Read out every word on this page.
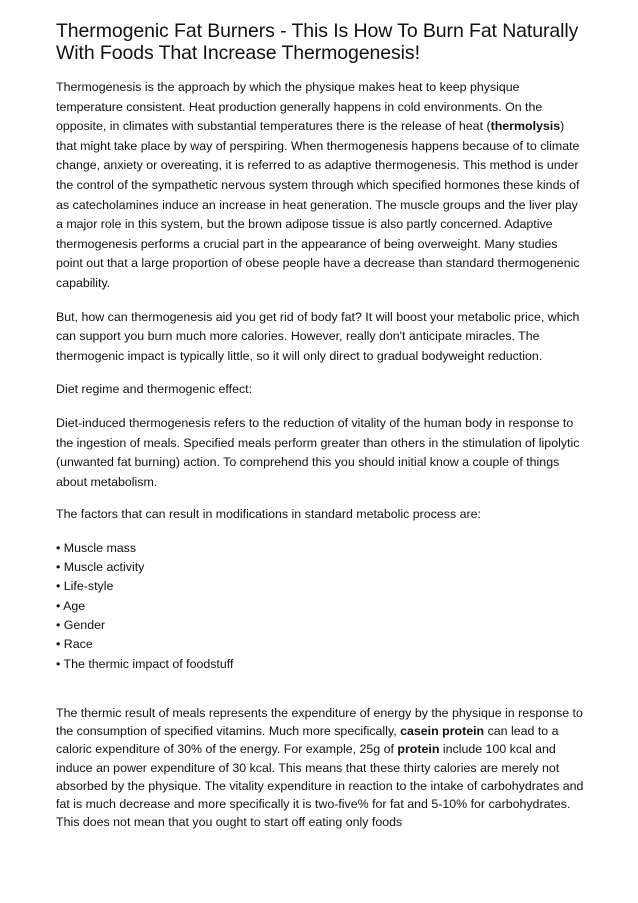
Thermogenic Fat Burners - This Is How To Burn Fat Naturally With Foods That Increase Thermogenesis!

Thermogenesis is the approach by which the physique makes heat to keep physique temperature consistent. Heat production generally happens in cold environments. On the opposite, in climates with substantial temperatures there is the release of heat (thermolysis) that might take place by way of perspiring. When thermogenesis happens because of to climate change, anxiety or overeating, it is referred to as adaptive thermogenesis. This method is under the control of the sympathetic nervous system through which specified hormones these kinds of as catecholamines induce an increase in heat generation. The muscle groups and the liver play a major role in this system, but the brown adipose tissue is also partly concerned. Adaptive thermogenesis performs a crucial part in the appearance of being overweight. Many studies point out that a large proportion of obese people have a decrease than standard thermogenenic capability.

But, how can thermogenesis aid you get rid of body fat? It will boost your metabolic price, which can support you burn much more calories. However, really don't anticipate miracles. The thermogenic impact is typically little, so it will only direct to gradual bodyweight reduction.

Diet regime and thermogenic effect:

Diet-induced thermogenesis refers to the reduction of vitality of the human body in response to the ingestion of meals. Specified meals perform greater than others in the stimulation of lipolytic (unwanted fat burning) action. To comprehend this you should initial know a couple of things about metabolism.

The factors that can result in modifications in standard metabolic process are:

• Muscle mass
• Muscle activity
• Life-style
• Age
• Gender
• Race
• The thermic impact of foodstuff

The thermic result of meals represents the expenditure of energy by the physique in response to the consumption of specified vitamins. Much more specifically, casein protein can lead to a caloric expenditure of 30% of the energy. For example, 25g of protein include 100 kcal and induce an power expenditure of 30 kcal. This means that these thirty calories are merely not absorbed by the physique. The vitality expenditure in reaction to the intake of carbohydrates and fat is much decrease and more specifically it is two-five% for fat and 5-10% for carbohydrates. This does not mean that you ought to start off eating only foods
